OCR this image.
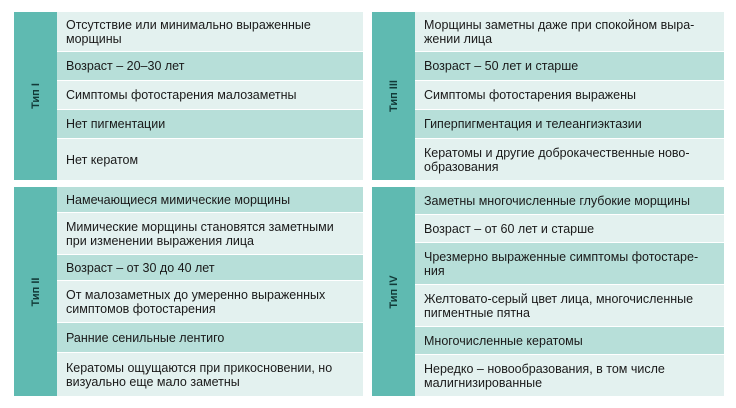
Тип I
Отсутствие или минимально выраженные морщины
Возраст – 20–30 лет
Симптомы фотостарения малозаметны
Нет пигментации
Нет кератом
Тип II
Намечающиеся мимические морщины
Мимические морщины становятся заметными при изменении выражения лица
Возраст – от 30 до 40 лет
От малозаметных до умеренно выраженных симптомов фотостарения
Ранние сенильные лентиго
Кератомы ощущаются при прикосновении, но визуально еще мало заметны
Тип III
Морщины заметны даже при спокойном выра-жении лица
Возраст – 50 лет и старше
Симптомы фотостарения выражены
Гиперпигментация и телеангиэктазии
Кератомы и другие доброкачественные ново-образования
Тип IV
Заметны многочисленные глубокие морщины
Возраст – от 60 лет и старше
Чрезмерно выраженные симптомы фотостаре-ния
Желтовато-серый цвет лица, многочисленные пигментные пятна
Многочисленные кератомы
Нередко – новообразования, в том числе малигнизированные
